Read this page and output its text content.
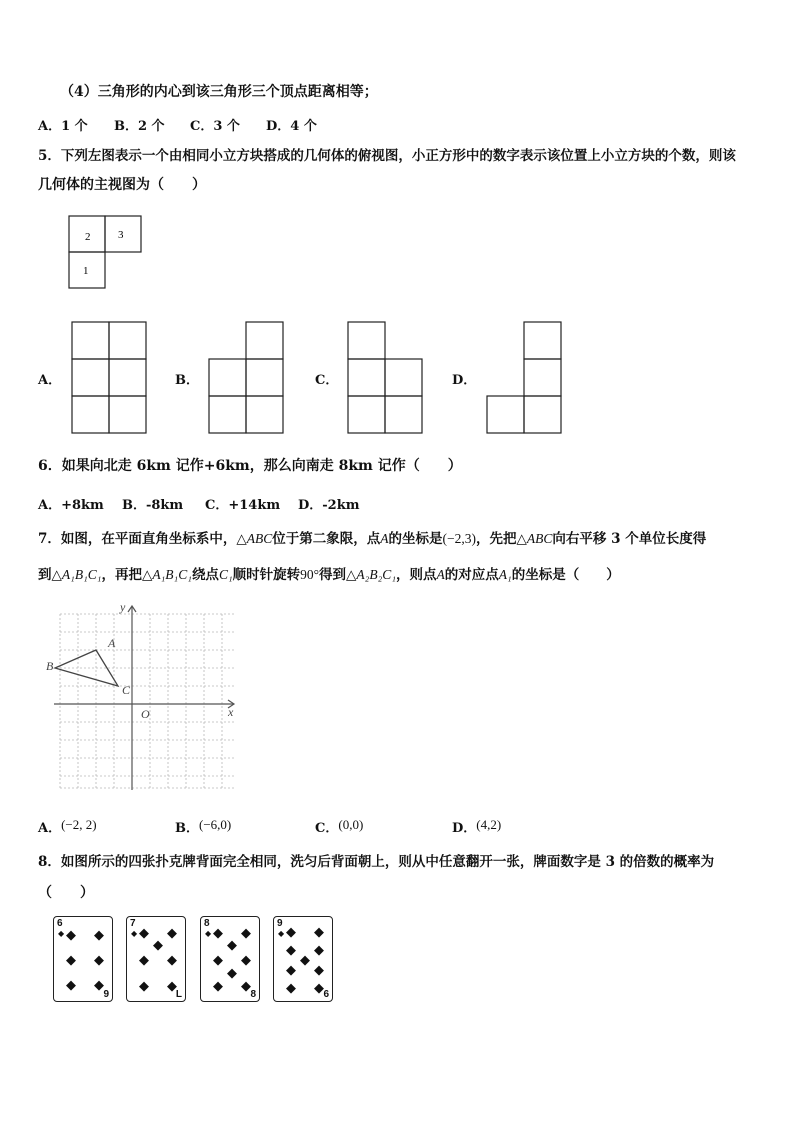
（4）三角形的内心到该三角形三个顶点距离相等；
A．1 个 B．2 个 C．3 个 D．4 个
5．下列左图表示一个由相同小立方块搭成的几何体的俯视图，小正方形中的数字表示该位置上小立方块的个数，则该
几何体的主视图为（　　）
2	3
1
A．	B．	C．	D．
6．如果向北走 6km 记作+6km，那么向南走 8km 记作（　　）
A．+8km B．-8km C．+14km D．-2km
7．如图，在平面直角坐标系中，△ABC位于第二象限，点A的坐标是(−2,3)，先把△ABC向右平移 3 个单位长度得
到△A₁B₁C₁，再把△A₁B₁C₁绕点C₁顺时针旋转90°得到△A₂B₂C₁，则点A的对应点A₁的坐标是（　　）
A
B
C
O	x
y
A．(−2, 2)	B．(−6,0)	C．(0,0)	D．(4,2)
8．如图所示的四张扑克牌背面完全相同，洗匀后背面朝上，则从中任意翻开一张，牌面数字是 3 的倍数的概率为
（　　）
6
◆ ◆ ◆
◆ ◆
◆ ◆
9
7
◆ ◆ ◆
◆
◆ ◆
◆ ◆
L
8
◆ ◆ ◆
◆
◆ ◆
◆
◆ ◆
8
9
◆ ◆ ◆
◆ ◆
◆
◆ ◆
◆ ◆ 6
